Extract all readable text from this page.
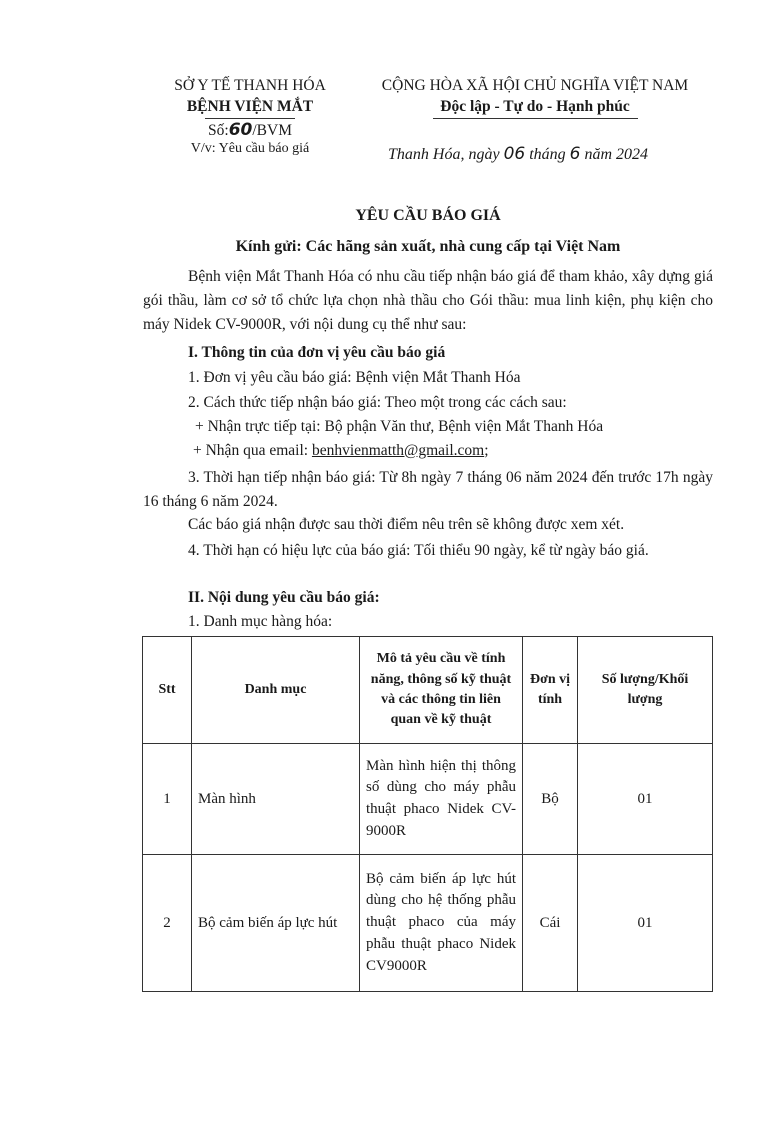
SỞ Y TẾ THANH HÓA
BỆNH VIỆN MẮT
Số:60/BVM
V/v: Yêu cầu báo giá
CỘNG HÒA XÃ HỘI CHỦ NGHĨA VIỆT NAM
Độc lập - Tự do - Hạnh phúc
Thanh Hóa, ngày 06 tháng 6 năm 2024
YÊU CẦU BÁO GIÁ
Kính gửi: Các hãng sản xuất, nhà cung cấp tại Việt Nam
Bệnh viện Mắt Thanh Hóa có nhu cầu tiếp nhận báo giá để tham khảo, xây dựng giá gói thầu, làm cơ sở tổ chức lựa chọn nhà thầu cho Gói thầu: mua linh kiện, phụ kiện cho máy Nidek CV-9000R, với nội dung cụ thể như sau:
I. Thông tin của đơn vị yêu cầu báo giá
1. Đơn vị yêu cầu báo giá: Bệnh viện Mắt Thanh Hóa
2. Cách thức tiếp nhận báo giá: Theo một trong các cách sau:
+ Nhận trực tiếp tại: Bộ phận Văn thư, Bệnh viện Mắt Thanh Hóa
+ Nhận qua email: benhvienmatth@gmail.com;
3. Thời hạn tiếp nhận báo giá: Từ 8h ngày 7 tháng 06 năm 2024 đến trước 17h ngày 16 tháng 6 năm 2024.
Các báo giá nhận được sau thời điểm nêu trên sẽ không được xem xét.
4. Thời hạn có hiệu lực của báo giá: Tối thiểu 90 ngày, kể từ ngày báo giá.
II. Nội dung yêu cầu báo giá:
1. Danh mục hàng hóa:
Stt	Danh mục	Mô tả yêu cầu về tính năng, thông số kỹ thuật và các thông tin liên quan về kỹ thuật	Đơn vị tính	Số lượng/Khối lượng
1	Màn hình	Màn hình hiện thị thông số dùng cho máy phẫu thuật phaco Nidek CV-9000R	Bộ	01
2	Bộ cảm biến áp lực hút	Bộ cảm biến áp lực hút dùng cho hệ thống phẫu thuật phaco của máy phẫu thuật phaco Nidek CV9000R	Cái	01
